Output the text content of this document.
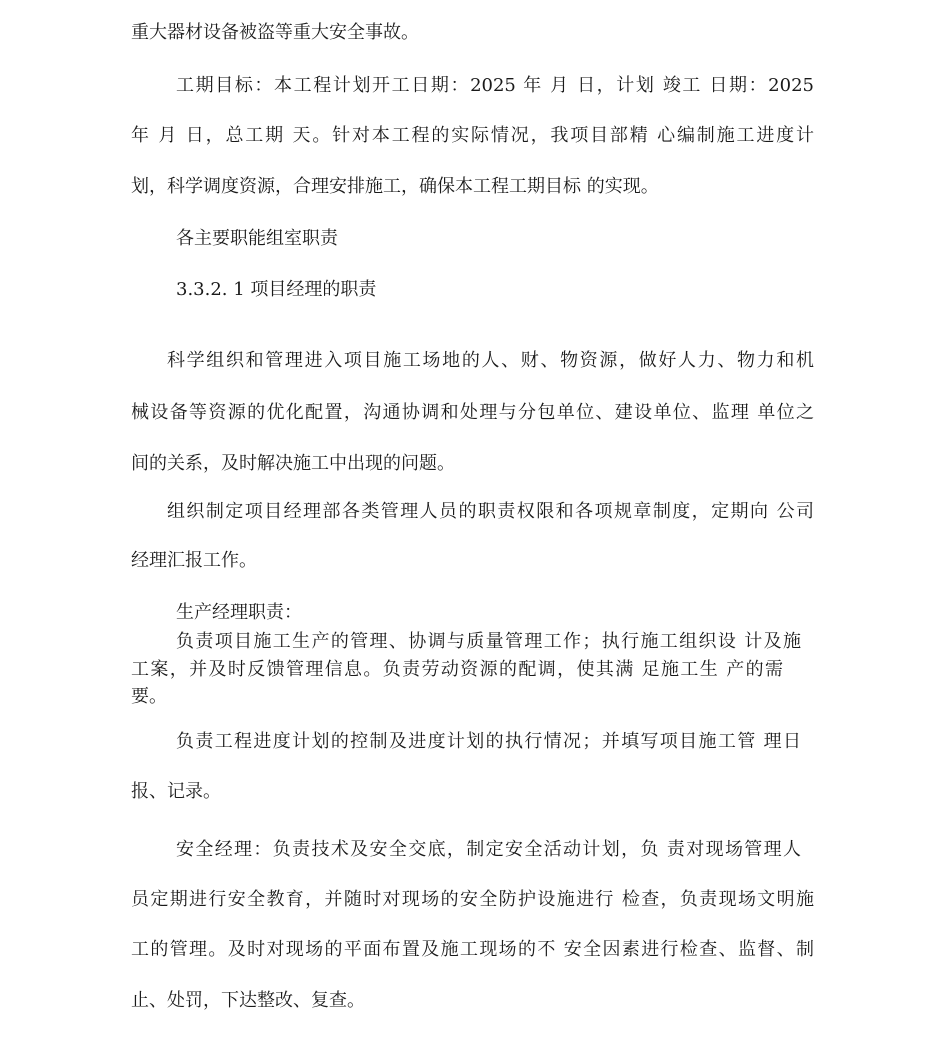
重大器材设备被盗等重大安全事故。

工期目标：本工程计划开工日期：2025 年 月 日，计划 竣工 日期：2025

年 月 日，总工期 天。针对本工程的实际情况，我项目部精 心编制施工进度计

划，科学调度资源，合理安排施工，确保本工程工期目标 的实现。

各主要职能组室职责

3.3.2. 1 项目经理的职责

科学组织和管理进入项目施工场地的人、财、物资源，做好人力、物力和机

械设备等资源的优化配置，沟通协调和处理与分包单位、建设单位、监理 单位之

间的关系，及时解决施工中出现的问题。

组织制定项目经理部各类管理人员的职责权限和各项规章制度，定期向 公司

经理汇报工作。

生产经理职责：

负责项目施工生产的管理、协调与质量管理工作；执行施工组织设 计及施

工案，并及时反馈管理信息。负责劳动资源的配调，使其满 足施工生 产的需

要。

负责工程进度计划的控制及进度计划的执行情况；并填写项目施工管 理日

报、记录。

安全经理：负责技术及安全交底，制定安全活动计划，负 责对现场管理人

员定期进行安全教育，并随时对现场的安全防护设施进行 检查，负责现场文明施

工的管理。及时对现场的平面布置及施工现场的不 安全因素进行检查、监督、制

止、处罚，下达整改、复查。
